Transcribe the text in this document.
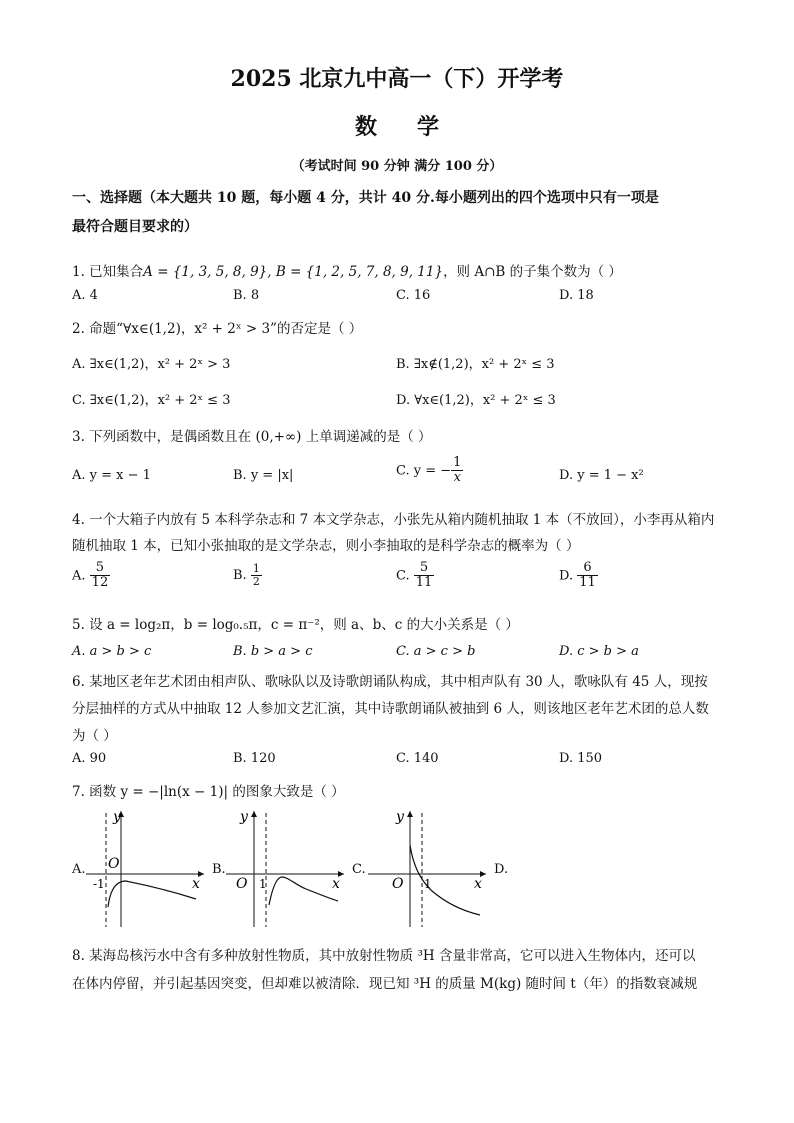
2025 北京九中高一（下）开学考
数学
（考试时间 90 分钟 满分 100 分）
一、选择题（本大题共 10 题，每小题 4 分，共计 40 分.每小题列出的四个选项中只有一项是
最符合题目要求的）
1. 已知集合A = {1, 3, 5, 8, 9}, B = {1, 2, 5, 7, 8, 9, 11}，则 A∩B 的子集个数为（ ）
A. 4	B. 8	C. 16	D. 18
2. 命题“∀x∈(1,2)，x² + 2ˣ > 3”的否定是（ ）
A. ∃x∈(1,2)，x² + 2ˣ > 3	B. ∃x∉(1,2)，x² + 2ˣ ≤ 3
C. ∃x∈(1,2)，x² + 2ˣ ≤ 3	D. ∀x∈(1,2)，x² + 2ˣ ≤ 3
3. 下列函数中，是偶函数且在 (0,+∞) 上单调递减的是（ ）
A. y = x − 1	B. y = |x|	C. y = − $\frac{1}{x}$	D. y = 1 − x²
4. 一个大箱子内放有 5 本科学杂志和 7 本文学杂志，小张先从箱内随机抽取 1 本（不放回），小李再从箱内
随机抽取 1 本，已知小张抽取的是文学杂志，则小李抽取的是科学杂志的概率为（ ）
A. $\frac{5}{12}$	B. $\frac{1}{2}$	C. $\frac{5}{11}$	D. $\frac{6}{11}$
5. 设 a = log₂π，b = log₀.₅π，c = π⁻²，则 a、b、c 的大小关系是（ ）
A. a > b > c	B. b > a > c	C. a > c > b	D. c > b > a
6. 某地区老年艺术团由相声队、歌咏队以及诗歌朗诵队构成，其中相声队有 30 人，歌咏队有 45 人，现按
分层抽样的方式从中抽取 12 人参加文艺汇演，其中诗歌朗诵队被抽到 6 人，则该地区老年艺术团的总人数
为（ ）
A. 90	B. 120	C. 140	D. 150
7. 函数 y = −|ln(x − 1)| 的图象大致是（ ）
A.	B.	C.	D.
y
x
O
-1
y
x
O 1
y
x
O 1
8. 某海岛核污水中含有多种放射性物质，其中放射性物质 ³H 含量非常高，它可以进入生物体内，还可以
在体内停留，并引起基因突变，但却难以被清除．现已知 ³H 的质量 M(kg) 随时间 t（年）的指数衰减规
